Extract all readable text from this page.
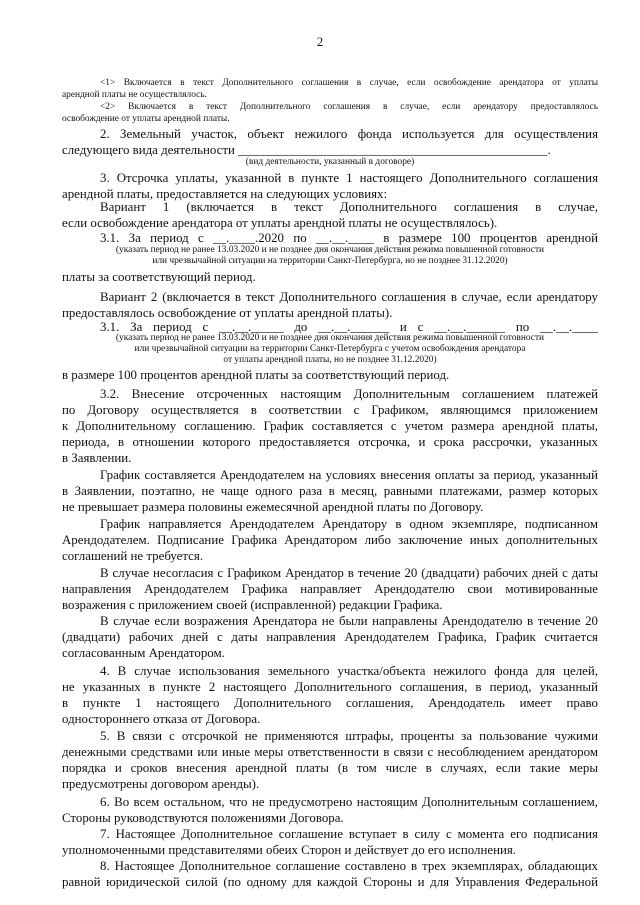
2
<1> Включается в текст Дополнительного соглашения в случае, если освобождение арендатора от уплаты
арендной платы не осуществлялось.
<2> Включается в текст Дополнительного соглашения в случае, если арендатору предоставлялось
освобождение от уплаты арендной платы.
2. Земельный участок, объект нежилого фонда используется для осуществления
следующего вида деятельности ________________________________________________.
(вид деятельности, указанный в договоре)
3. Отсрочка уплаты, указанной в пункте 1 настоящего Дополнительного соглашения
арендной платы, предоставляется на следующих условиях:
Вариант 1 (включается в текст Дополнительного соглашения в случае,
если освобождение арендатора от уплаты арендной платы не осуществлялось).
3.1. За период с __.____.2020 по __.__.____ в размере 100 процентов арендной
(указать период не ранее 13.03.2020 и не позднее дня окончания действия режима повышенной готовности
или чрезвычайной ситуации на территории Санкт-Петербурга, но не позднее 31.12.2020)
платы за соответствующий период.
Вариант 2 (включается в текст Дополнительного соглашения в случае, если арендатору
предоставлялось освобождение от уплаты арендной платы).
3.1. За период с __.__._____ до __.__.______ и с __.__.______ по __.__.____
(указать период не ранее 13.03.2020 и не позднее дня окончания действия режима повышенной готовности
или чрезвычайной ситуации на территории Санкт-Петербурга с учетом освобождения арендатора
от уплаты арендной платы, но не позднее 31.12.2020)
в размере 100 процентов арендной платы за соответствующий период.
3.2. Внесение отсроченных настоящим Дополнительным соглашением платежей
по Договору осуществляется в соответствии с Графиком, являющимся приложением
к Дополнительному соглашению. График составляется с учетом размера арендной платы,
периода, в отношении которого предоставляется отсрочка, и срока рассрочки, указанных
в Заявлении.
График составляется Арендодателем на условиях внесения оплаты за период, указанный
в Заявлении, поэтапно, не чаще одного раза в месяц, равными платежами, размер которых
не превышает размера половины ежемесячной арендной платы по Договору.
График направляется Арендодателем Арендатору в одном экземпляре, подписанном
Арендодателем. Подписание Графика Арендатором либо заключение иных дополнительных
соглашений не требуется.
В случае несогласия с Графиком Арендатор в течение 20 (двадцати) рабочих дней с даты
направления Арендодателем Графика направляет Арендодателю свои мотивированные
возражения с приложением своей (исправленной) редакции Графика.
В случае если возражения Арендатора не были направлены Арендодателю в течение 20
(двадцати) рабочих дней с даты направления Арендодателем Графика, График считается
согласованным Арендатором.
4. В случае использования земельного участка/объекта нежилого фонда для целей,
не указанных в пункте 2 настоящего Дополнительного соглашения, в период, указанный
в пункте 1 настоящего Дополнительного соглашения, Арендодатель имеет право
одностороннего отказа от Договора.
5. В связи с отсрочкой не применяются штрафы, проценты за пользование чужими
денежными средствами или иные меры ответственности в связи с несоблюдением арендатором
порядка и сроков внесения арендной платы (в том числе в случаях, если такие меры
предусмотрены договором аренды).
6. Во всем остальном, что не предусмотрено настоящим Дополнительным соглашением,
Стороны руководствуются положениями Договора.
7. Настоящее Дополнительное соглашение вступает в силу с момента его подписания
уполномоченными представителями обеих Сторон и действует до его исполнения.
8. Настоящее Дополнительное соглашение составлено в трех экземплярах, обладающих
равной юридической силой (по одному для каждой Стороны и для Управления Федеральной
